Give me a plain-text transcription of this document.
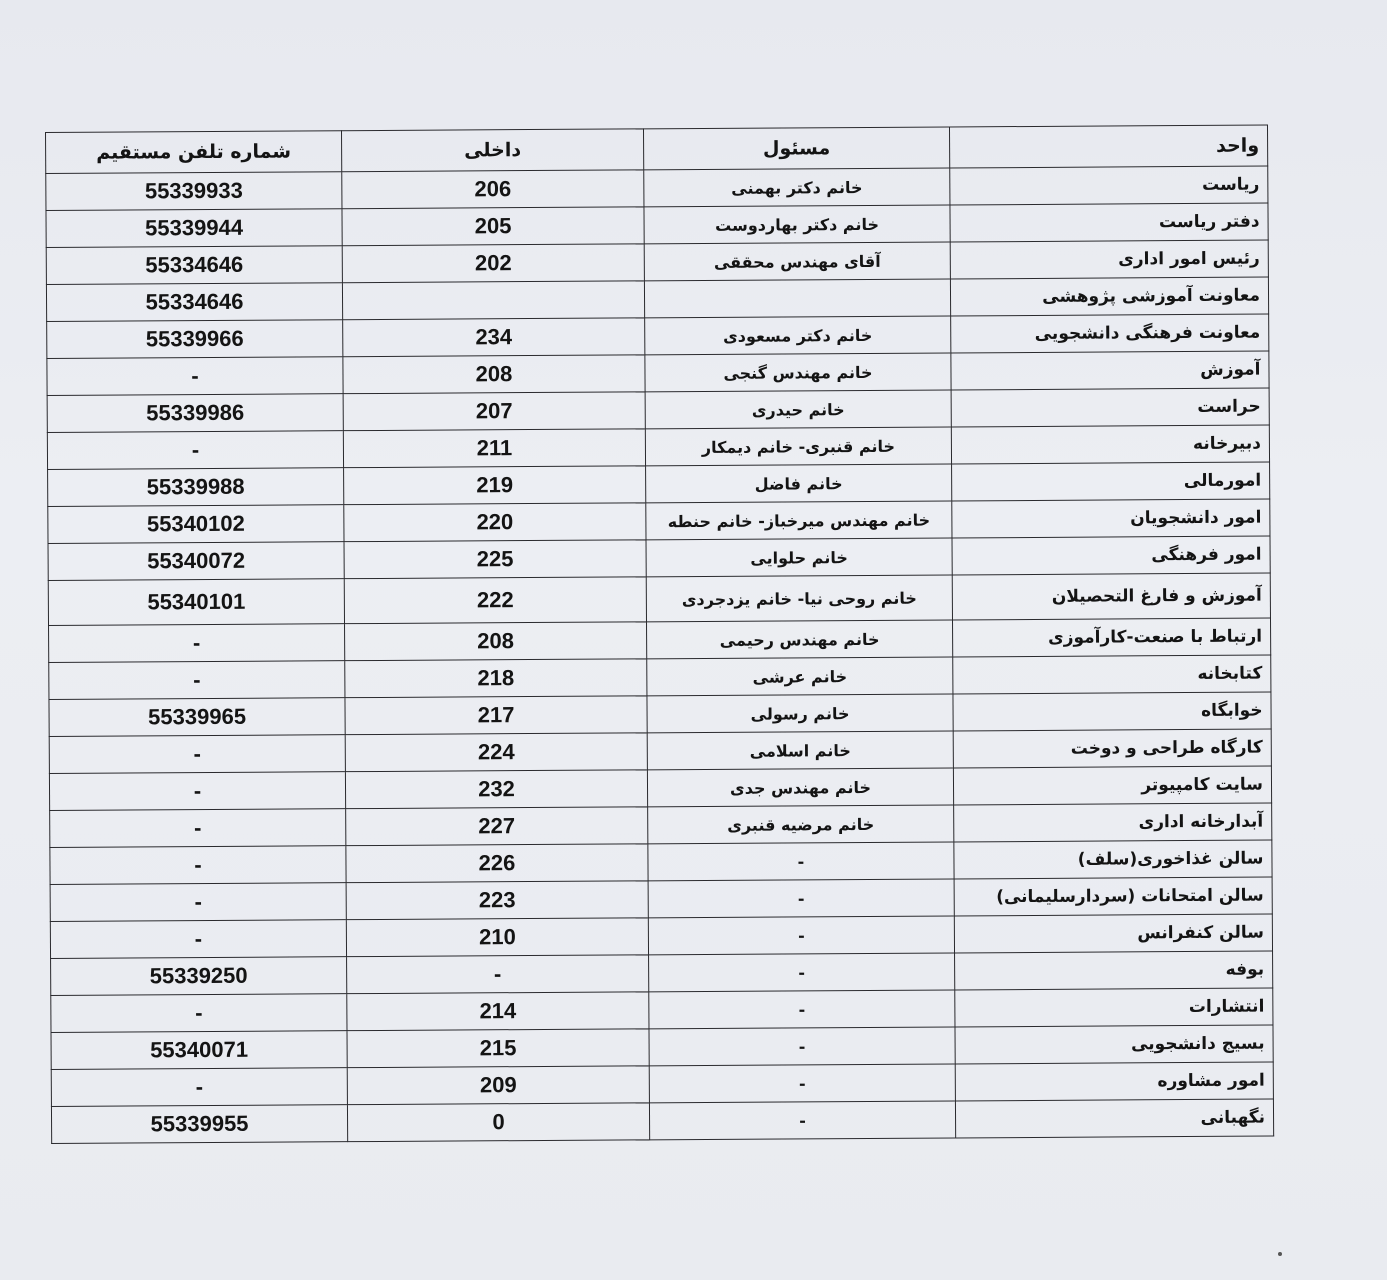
واحد	مسئول	داخلی	شماره تلفن مستقیم
ریاست	خانم دکتر بهمنی	206	55339933
دفتر ریاست	خانم دکتر بهاردوست	205	55339944
رئیس امور اداری	آقای مهندس محققی	202	55334646
معاونت آموزشی پژوهشی			55334646
معاونت فرهنگی دانشجویی	خانم دکتر مسعودی	234	55339966
آموزش	خانم مهندس گنجی	208	-
حراست	خانم حیدری	207	55339986
دبیرخانه	خانم قنبری- خانم دیمکار	211	-
امورمالی	خانم فاضل	219	55339988
امور دانشجویان	خانم مهندس میرخباز- خانم حنطه	220	55340102
امور فرهنگی	خانم حلوایی	225	55340072
آموزش و فارغ التحصیلان	خانم روحی نیا- خانم یزدجردی	222	55340101
ارتباط با صنعت-کارآموزی	خانم مهندس رحیمی	208	-
کتابخانه	خانم عرشی	218	-
خوابگاه	خانم رسولی	217	55339965
کارگاه طراحی و دوخت	خانم اسلامی	224	-
سایت کامپیوتر	خانم مهندس جدی	232	-
آبدارخانه اداری	خانم مرضیه قنبری	227	-
سالن غذاخوری(سلف)	-	226	-
سالن امتحانات (سردارسلیمانی)	-	223	-
سالن کنفرانس	-	210	-
بوفه	-	-	55339250
انتشارات	-	214	-
بسیج دانشجویی	-	215	55340071
امور مشاوره	-	209	-
نگهبانی	-	0	55339955
